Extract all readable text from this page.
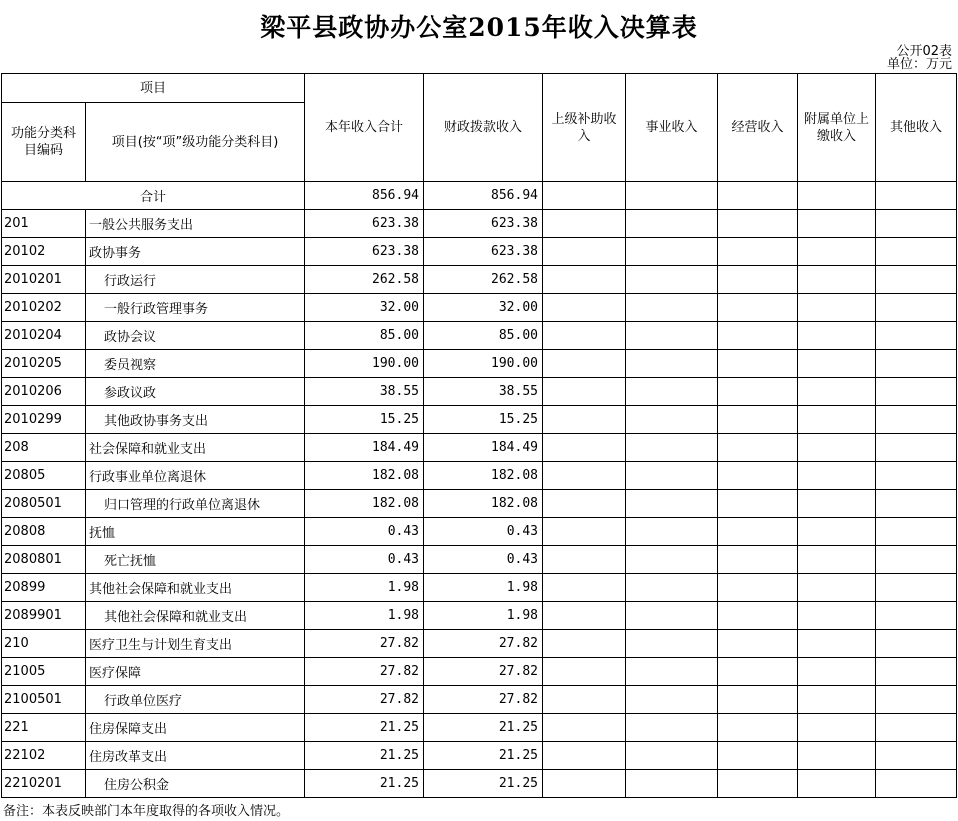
梁平县政协办公室2015年收入决算表
公开02表
单位：万元
项目		本年收入合计	财政拨款收入	上级补助收入	事业收入	经营收入	附属单位上缴收入	其他收入
功能分类科目编码	项目(按“项”级功能分类科目)							
合计		856.94	856.94					
201	一般公共服务支出	623.38	623.38					
20102	政协事务	623.38	623.38					
2010201	行政运行	262.58	262.58					
2010202	一般行政管理事务	32.00	32.00					
2010204	政协会议	85.00	85.00					
2010205	委员视察	190.00	190.00					
2010206	参政议政	38.55	38.55					
2010299	其他政协事务支出	15.25	15.25					
208	社会保障和就业支出	184.49	184.49					
20805	行政事业单位离退休	182.08	182.08					
2080501	归口管理的行政单位离退休	182.08	182.08					
20808	抚恤	0.43	0.43					
2080801	死亡抚恤	0.43	0.43					
20899	其他社会保障和就业支出	1.98	1.98					
2089901	其他社会保障和就业支出	1.98	1.98					
210	医疗卫生与计划生育支出	27.82	27.82					
21005	医疗保障	27.82	27.82					
2100501	行政单位医疗	27.82	27.82					
221	住房保障支出	21.25	21.25					
22102	住房改革支出	21.25	21.25					
2210201	住房公积金	21.25	21.25					
备注：本表反映部门本年度取得的各项收入情况。
